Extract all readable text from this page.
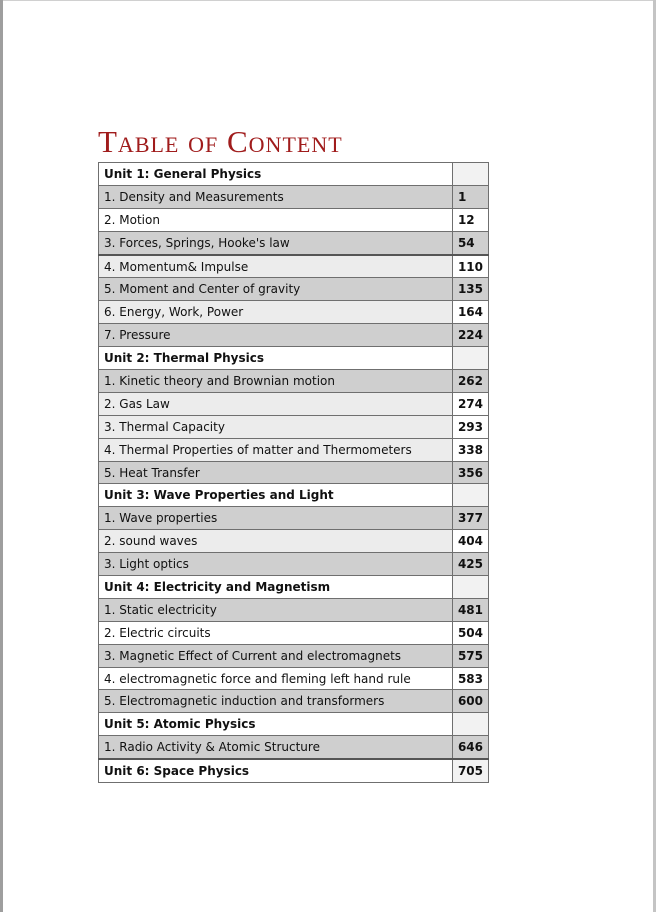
Table of Content
Unit 1: General Physics	
1. Density and Measurements	1
2. Motion	12
3. Forces, Springs, Hooke's law	54
4. Momentum& Impulse	110
5. Moment and Center of gravity	135
6. Energy, Work, Power	164
7. Pressure	224
Unit 2: Thermal Physics	
1. Kinetic theory and Brownian motion	262
2. Gas Law	274
3. Thermal Capacity	293
4. Thermal Properties of matter and Thermometers	338
5. Heat Transfer	356
Unit 3: Wave Properties and Light	
1. Wave properties	377
2. sound waves	404
3. Light optics	425
Unit 4: Electricity and Magnetism	
1. Static electricity	481
2. Electric circuits	504
3. Magnetic Effect of Current and electromagnets	575
4. electromagnetic force and fleming left hand rule	583
5. Electromagnetic induction and transformers	600
Unit 5: Atomic Physics	
1. Radio Activity & Atomic Structure	646
Unit 6: Space Physics	705
